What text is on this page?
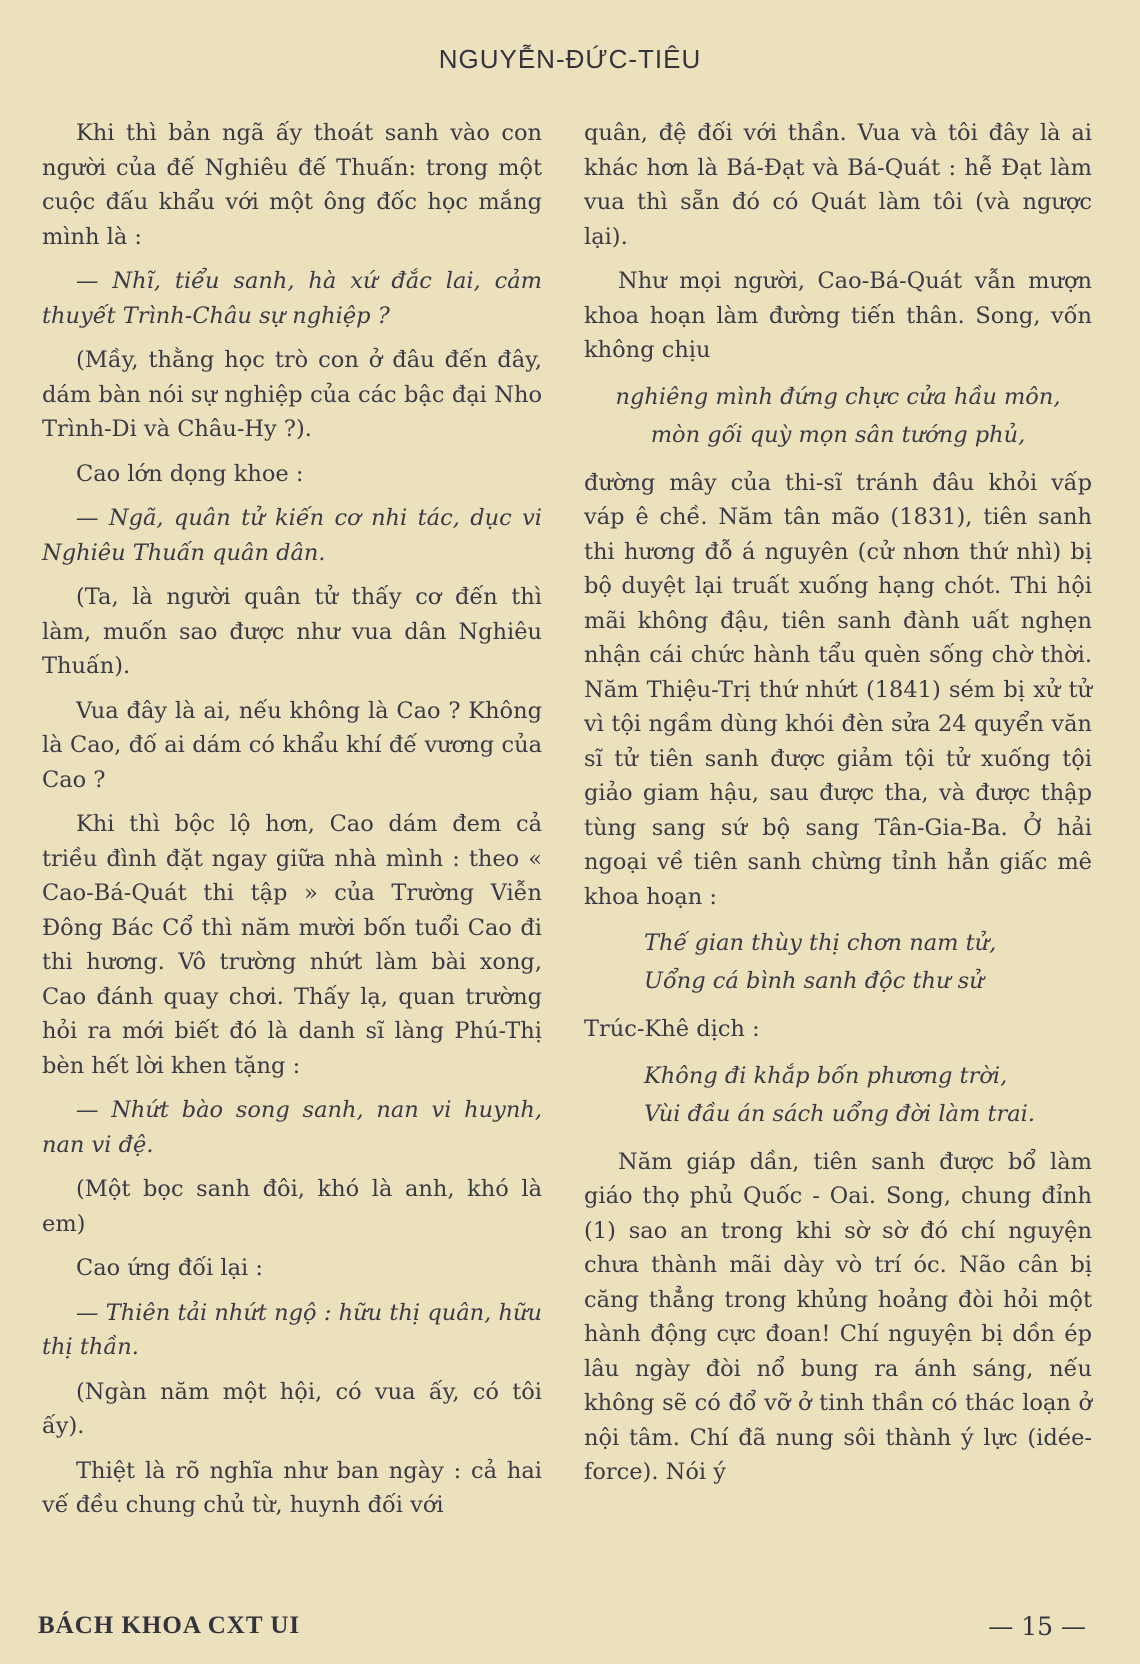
NGUYỄN-ĐỨC-TIÊU

Khi thì bản ngã ấy thoát sanh vào con người của đế Nghiêu đế Thuấn: trong một cuộc đấu khẩu với một ông đốc học mắng mình là :

— Nhĩ, tiểu sanh, hà xứ đắc lai, cảm thuyết Trình-Châu sự nghiệp ?

(Mầy, thằng học trò con ở đâu đến đây, dám bàn nói sự nghiệp của các bậc đại Nho Trình-Di và Châu-Hy ?).

Cao lớn dọng khoe :

— Ngã, quân tử kiến cơ nhi tác, dục vi Nghiêu Thuấn quân dân.

(Ta, là người quân tử thấy cơ đến thì làm, muốn sao được như vua dân Nghiêu Thuấn).

Vua đây là ai, nếu không là Cao ? Không là Cao, đố ai dám có khẩu khí đế vương của Cao ?

Khi thì bộc lộ hơn, Cao dám đem cả triều đình đặt ngay giữa nhà mình : theo « Cao-Bá-Quát thi tập » của Trường Viễn Đông Bác Cổ thì năm mười bốn tuổi Cao đi thi hương. Vô trường nhứt làm bài xong, Cao đánh quay chơi. Thấy lạ, quan trường hỏi ra mới biết đó là danh sĩ làng Phú-Thị bèn hết lời khen tặng :

— Nhứt bào song sanh, nan vi huynh, nan vi đệ.

(Một bọc sanh đôi, khó là anh, khó là em)

Cao ứng đối lại :

— Thiên tải nhứt ngộ : hữu thị quân, hữu thị thần.

(Ngàn năm một hội, có vua ấy, có tôi ấy).

Thiệt là rõ nghĩa như ban ngày : cả hai vế đều chung chủ từ, huynh đối với

quân, đệ đối với thần. Vua và tôi đây là ai khác hơn là Bá-Đạt và Bá-Quát : hễ Đạt làm vua thì sẵn đó có Quát làm tôi (và ngược lại).

Như mọi người, Cao-Bá-Quát vẫn mượn khoa hoạn làm đường tiến thân. Song, vốn không chịu

nghiêng mình đứng chực cửa hầu môn,
mòn gối quỳ mọn sân tướng phủ,

đường mây của thi-sĩ tránh đâu khỏi vấp váp ê chề. Năm tân mão (1831), tiên sanh thi hương đỗ á nguyên (cử nhơn thứ nhì) bị bộ duyệt lại truất xuống hạng chót. Thi hội mãi không đậu, tiên sanh đành uất nghẹn nhận cái chức hành tẩu quèn sống chờ thời. Năm Thiệu-Trị thứ nhứt (1841) sém bị xử tử vì tội ngầm dùng khói đèn sửa 24 quyển văn sĩ tử tiên sanh được giảm tội tử xuống tội giảo giam hậu, sau được tha, và được thập tùng sang sứ bộ sang Tân-Gia-Ba. Ở hải ngoại về tiên sanh chừng tỉnh hẳn giấc mê khoa hoạn :

Thế gian thùy thị chơn nam tử,
Uổng cá bình sanh độc thư sử

Trúc-Khê dịch :

Không đi khắp bốn phương trời,
Vùi đầu án sách uổng đời làm trai.

Năm giáp dần, tiên sanh được bổ làm giáo thọ phủ Quốc - Oai. Song, chung đỉnh (1) sao an trong khi sờ sờ đó chí nguyện chưa thành mãi dày vò trí óc. Não cân bị căng thẳng trong khủng hoảng đòi hỏi một hành động cực đoan! Chí nguyện bị dồn ép lâu ngày đòi nổ bung ra ánh sáng, nếu không sẽ có đổ vỡ ở tinh thần có thác loạn ở nội tâm. Chí đã nung sôi thành ý lực (idée-force). Nói ý

BÁCH KHOA CXT UI	— 15 —
